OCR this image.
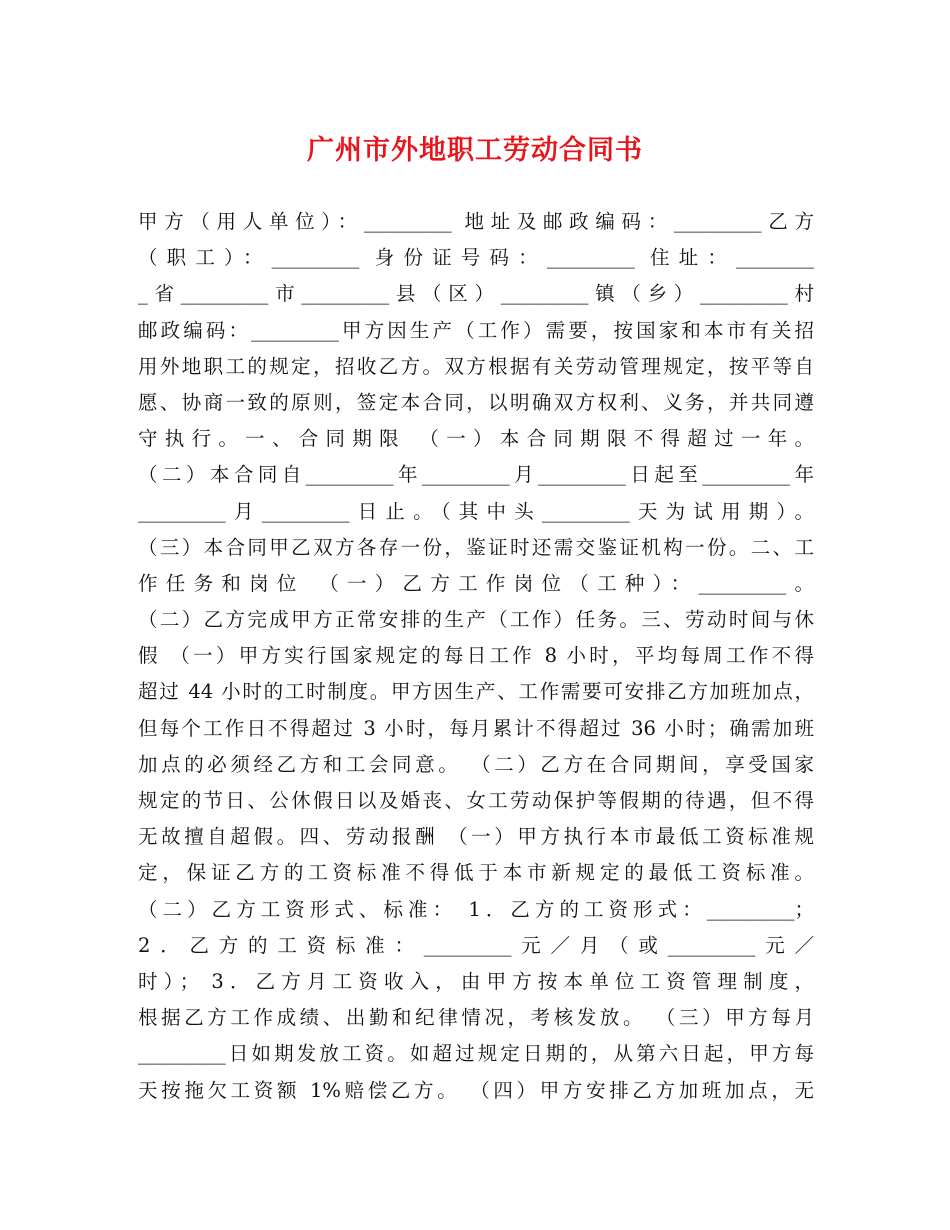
广州市外地职工劳动合同书
甲方（用人单位）：_________ 地址及邮政编码：_________乙方
（职工）：_________ 身份证号码：_________ 住址：________
_省_________市_________县（区）_________镇（乡）_________村
邮政编码：_________甲方因生产（工作）需要，按国家和本市有关招
用外地职工的规定，招收乙方。双方根据有关劳动管理规定，按平等自
愿、协商一致的原则，签定本合同，以明确双方权利、义务，并共同遵
守执行。一、合同期限 （一）本合同期限不得超过一年。
（二）本合同自_________年_________月_________日起至_________年
_________月_________日止。（其中头_________天为试用期）。
（三）本合同甲乙双方各存一份，鉴证时还需交鉴证机构一份。二、工
作任务和岗位 （一）乙方工作岗位（工种）：_________。
（二）乙方完成甲方正常安排的生产（工作）任务。三、劳动时间与休
假 （一）甲方实行国家规定的每日工作 8 小时，平均每周工作不得
超过 44 小时的工时制度。甲方因生产、工作需要可安排乙方加班加点，
但每个工作日不得超过 3 小时，每月累计不得超过 36 小时；确需加班
加点的必须经乙方和工会同意。 （二）乙方在合同期间，享受国家
规定的节日、公休假日以及婚丧、女工劳动保护等假期的待遇，但不得
无故擅自超假。四、劳动报酬 （一）甲方执行本市最低工资标准规
定，保证乙方的工资标准不得低于本市新规定的最低工资标准。
（二）乙方工资形式、标准： 1．乙方的工资形式：_________；
2．乙方的工资标准：_________元／月（或_________元／
时）； 3．乙方月工资收入，由甲方按本单位工资管理制度，
根据乙方工作成绩、出勤和纪律情况，考核发放。 （三）甲方每月
_________日如期发放工资。如超过规定日期的，从第六日起，甲方每
天按拖欠工资额 1%赔偿乙方。 （四）甲方安排乙方加班加点，无
